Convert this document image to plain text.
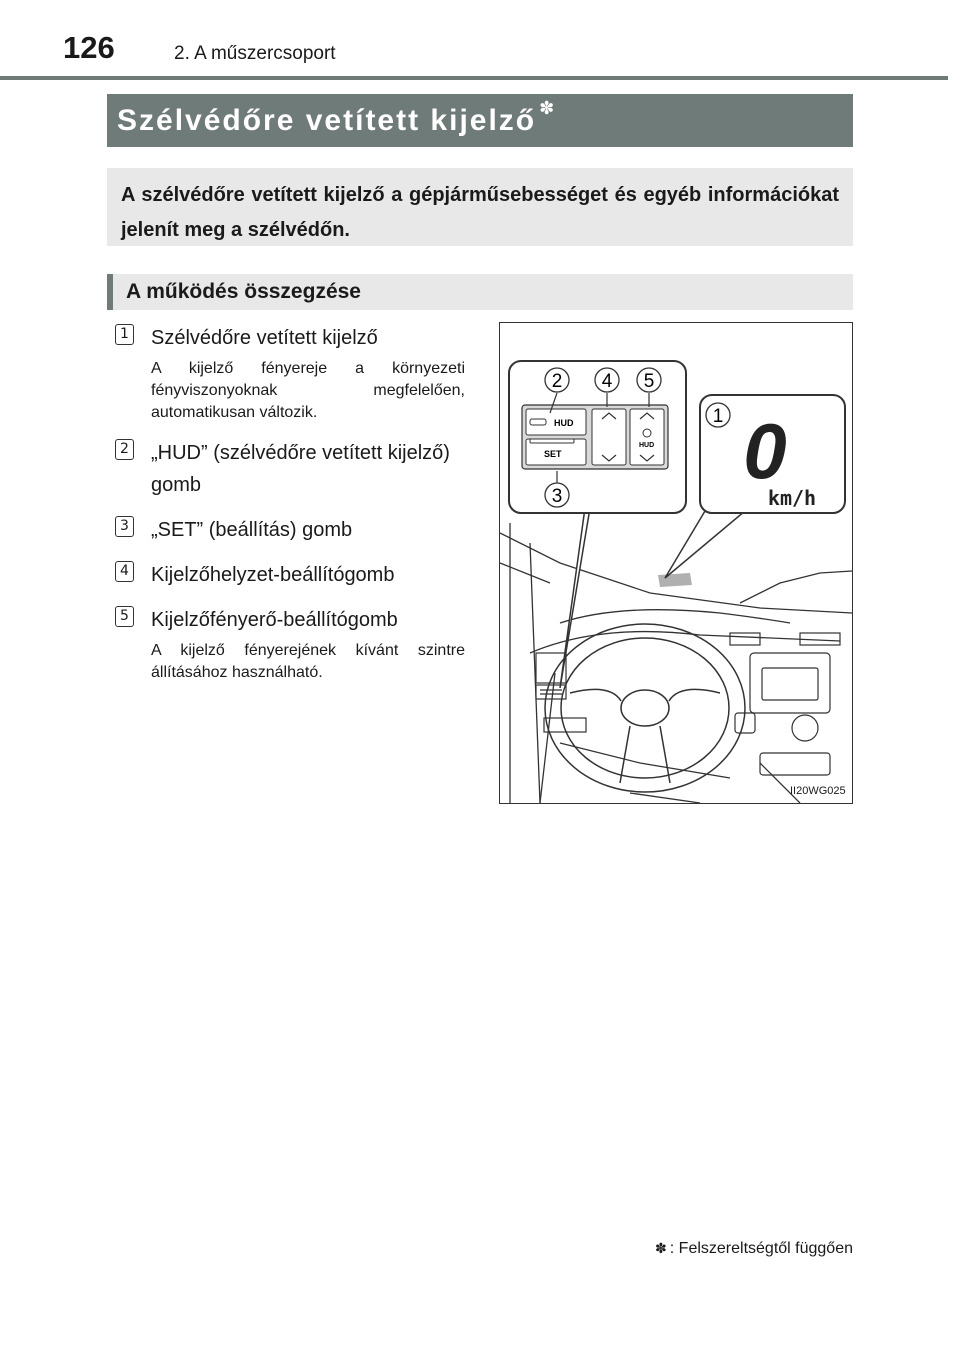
126	2. A műszercsoport
Szélvédőre vetített kijelző ✽
A szélvédőre vetített kijelző a gépjárműsebességet és egyéb információkat jelenít meg a szélvédőn.
A működés összegzése
1 Szélvédőre vetített kijelző
A kijelző fényereje a környezeti fényviszonyoknak megfelelően, automatikusan változik.
2 „HUD” (szélvédőre vetített kijelző) gomb
3 „SET” (beállítás) gomb
4 Kijelzőhelyzet-beállítógomb
5 Kijelzőfényerő-beállítógomb
A kijelző fényerejének kívánt szintre állításához használható.
HUD
SET
HUD
2 4 5
3
1 0
km/h
II20WG025
✽ : Felszereltségtől függően
